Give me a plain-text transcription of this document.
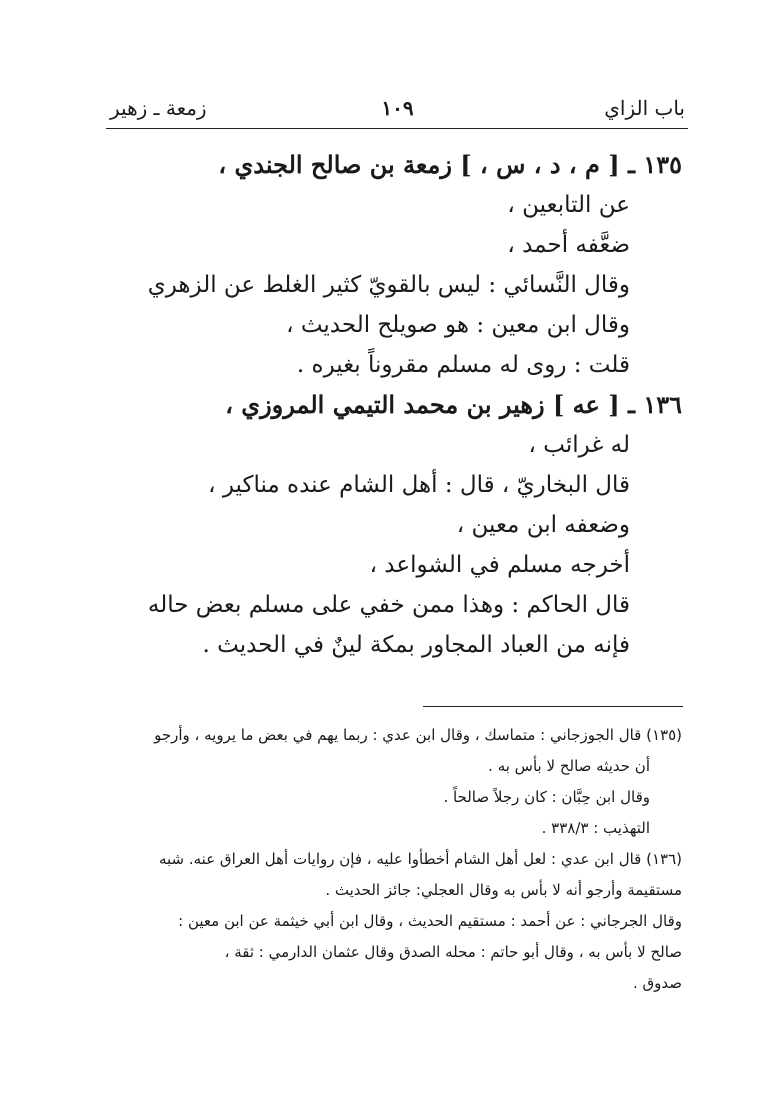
باب الزاي
١٠٩
زمعة ـ زهير
١٣٥ ـ [ م ، د ، س ، ] زمعة بن صالح الجندي ،
عن التابعين ،
ضعَّفه أحمد ،
وقال النَّسائي : ليس بالقويّ كثير الغلط عن الزهري
وقال ابن معين : هو صويلح الحديث ،
قلت : روى له مسلم مقروناً بغيره .
١٣٦ ـ [ عه ] زهير بن محمد التيمي المروزي ،
له غرائب ،
قال البخاريّ ، قال : أهل الشام عنده مناكير ،
وضعفه ابن معين ،
أخرجه مسلم في الشواعد ،
قال الحاكم : وهذا ممن خفي على مسلم بعض حاله
فإنه من العباد المجاور بمكة لينٌ في الحديث .
(١٣٥) قال الجوزجاني : متماسك ، وقال ابن عدي : ربما يهم في بعض ما يرويه ، وأرجو
أن حديثه صالح لا بأس به .
وقال ابن حِبَّان : كان رجلاً صالحاً .
التهذيب : ٣٣٨/٣ .
(١٣٦) قال ابن عدي : لعل أهل الشام أخطأوا عليه ، فإن روايات أهل العراق عنه. شبه
مستقيمة وأرجو أنه لا بأس به وقال العجلي: جائز الحديث .
وقال الجرجاني : عن أحمد : مستقيم الحديث ، وقال ابن أبي خيثمة عن ابن معين :
صالح لا بأس به ، وقال أبو حاتم : محله الصدق وقال عثمان الدارمي : ثقة ،
صدوق .
